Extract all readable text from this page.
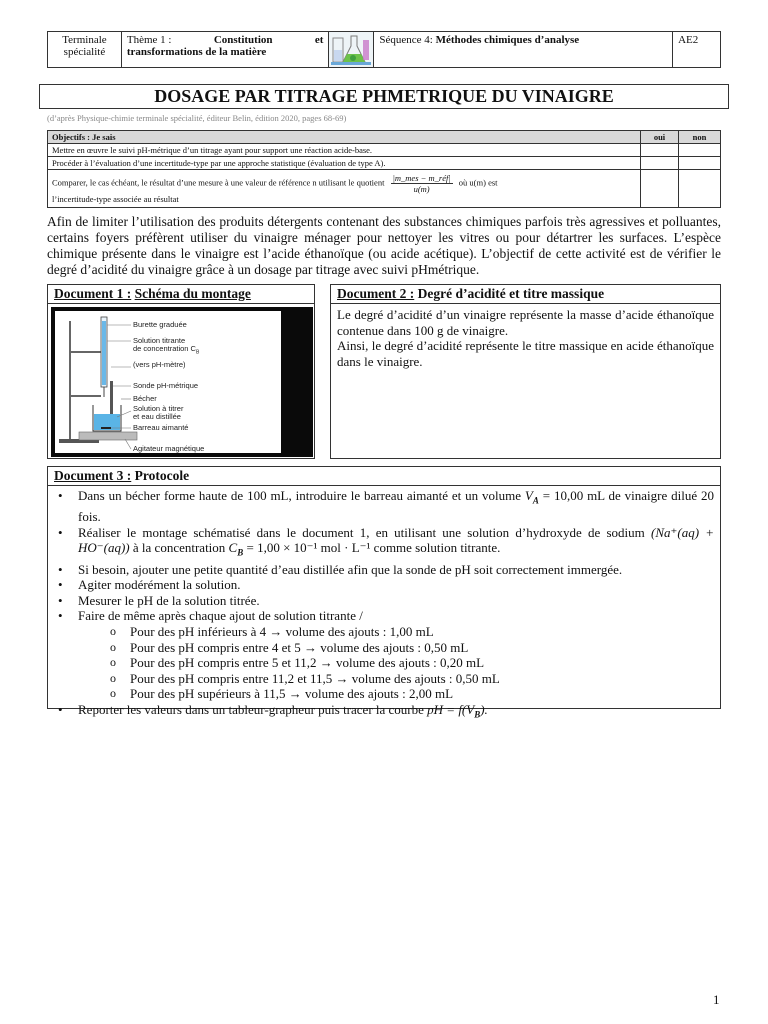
Terminale
spécialité

Thème 1 :	Constitution	et
transformations de la matière	
	Séquence 4: Méthodes chimiques d’analyse	AE2
DOSAGE PAR TITRAGE PHMETRIQUE DU VINAIGRE
(d’après Physique-chimie terminale spécialité, éditeur Belin, édition 2020, pages 68-69)
Objectifs : Je sais	oui	non
Mettre en œuvre le suivi pH-métrique d’un titrage ayant pour support une réaction acide-base.		
Procéder à l’évaluation d’une incertitude-type par une approche statistique (évaluation de type A).		
Comparer, le cas échéant, le résultat d’une mesure à une valeur de référence n utilisant le quotient $\frac{\text{|m\_mes − m\_réf|}}{u(m)}$ où u(m) est
l’incertitude-type associée au résultat		
Afin de limiter l’utilisation des produits détergents contenant des substances chimiques parfois très agressives et polluantes, certains foyers préfèrent utiliser du vinaigre ménager pour nettoyer les vitres ou pour détartrer les surfaces. L’espèce chimique présente dans le vinaigre est l’acide éthanoïque (ou acide acétique). L’objectif de cette activité est de vérifier le degré d’acidité du vinaigre grâce à un dosage par titrage avec suivi pHmétrique.
Document 1 : Schéma du montage
Burette graduée
Solution titrante
de concentration $C_B$
(vers pH-mètre)
Sonde pH-métrique
Bécher
Solution à titrer
et eau distillée
Barreau aimanté
Agitateur magnétique
Document 2 : Degré d’acidité et titre massique
Le degré d’acidité d’un vinaigre représente la masse d’acide éthanoïque contenue dans 100 g de vinaigre.
Ainsi, le degré d’acidité représente le titre massique en acide éthanoïque dans le vinaigre.
Document 3 : Protocole
• Dans un bécher forme haute de 100 mL, introduire le barreau aimanté et un volume $V_A = 10,00$ mL de vinaigre dilué 20 fois.
• Réaliser le montage schématisé dans le document 1, en utilisant une solution d’hydroxyde de sodium (Na⁺(aq) + HO⁻(aq)) à la concentration $C_B = 1,00 \times 10^{-1}$ mol · L⁻¹ comme solution titrante.
• Si besoin, ajouter une petite quantité d’eau distillée afin que la sonde de pH soit correctement immergée.
• Agiter modérément la solution.
• Mesurer le pH de la solution titrée.
• Faire de même après chaque ajout de solution titrante /
o Pour des pH inférieurs à 4 → volume des ajouts : 1,00 mL
o Pour des pH compris entre 4 et 5 → volume des ajouts : 0,50 mL
o Pour des pH compris entre 5 et 11,2 → volume des ajouts : 0,20 mL
o Pour des pH compris entre 11,2 et 11,5 → volume des ajouts : 0,50 mL
o Pour des pH supérieurs à 11,5 → volume des ajouts : 2,00 mL
• Reporter les valeurs dans un tableur-grapheur puis tracer la courbe pH = $f(V_B)$.
1
